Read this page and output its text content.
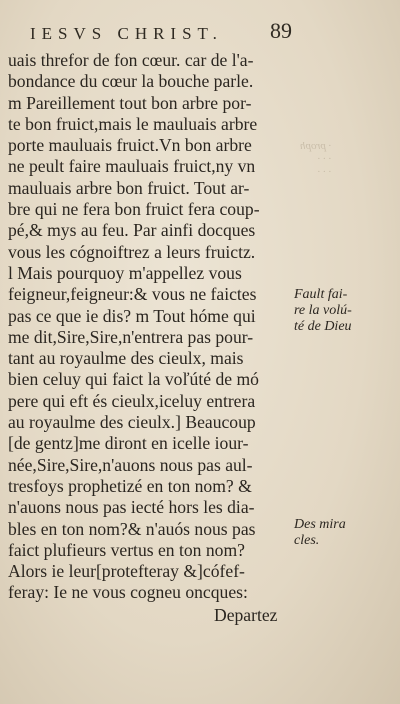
IESVS CHRIST. 89
· proph
· · ·
· · ·
uais threfor de fon cœur. car de l'a-
bondance du cœur la bouche parle.
m Pareillement tout bon arbre por-
te bon fruict,mais le mauluais arbre
porte mauluais fruict.Vn bon arbre
ne peult faire mauluais fruict,ny vn
mauluais arbre bon fruict. Tout ar-
bre qui ne fera bon fruict fera coup-
pé,& mys au feu. Par ainfi docques
vous les cógnoiftrez a leurs fruictz.
l Mais pourquoy m'appellez vous
feigneur,feigneur:& vous ne faictes
pas ce que ie dis? m Tout hóme qui
me dit,Sire,Sire,n'entrera pas pour-
tant au royaulme des cieulx, mais
bien celuy qui faict la voľúté de mó
pere qui eft és cieulx,iceluy entrera
au royaulme des cieulx.] Beaucoup
[de gentz]me diront en icelle iour-
née,Sire,Sire,n'auons nous pas aul-
tresfoys prophetizé en ton nom? &
n'auons nous pas iecté hors les dia-
bles en ton nom?& n'auós nous pas
faict plufieurs vertus en ton nom?
Alors ie leur[protefteray &]cófef-
feray: Ie ne vous cogneu oncques:
Departez
Fault fai-
re la volú-
té de Dieu
Des mira
cles.
